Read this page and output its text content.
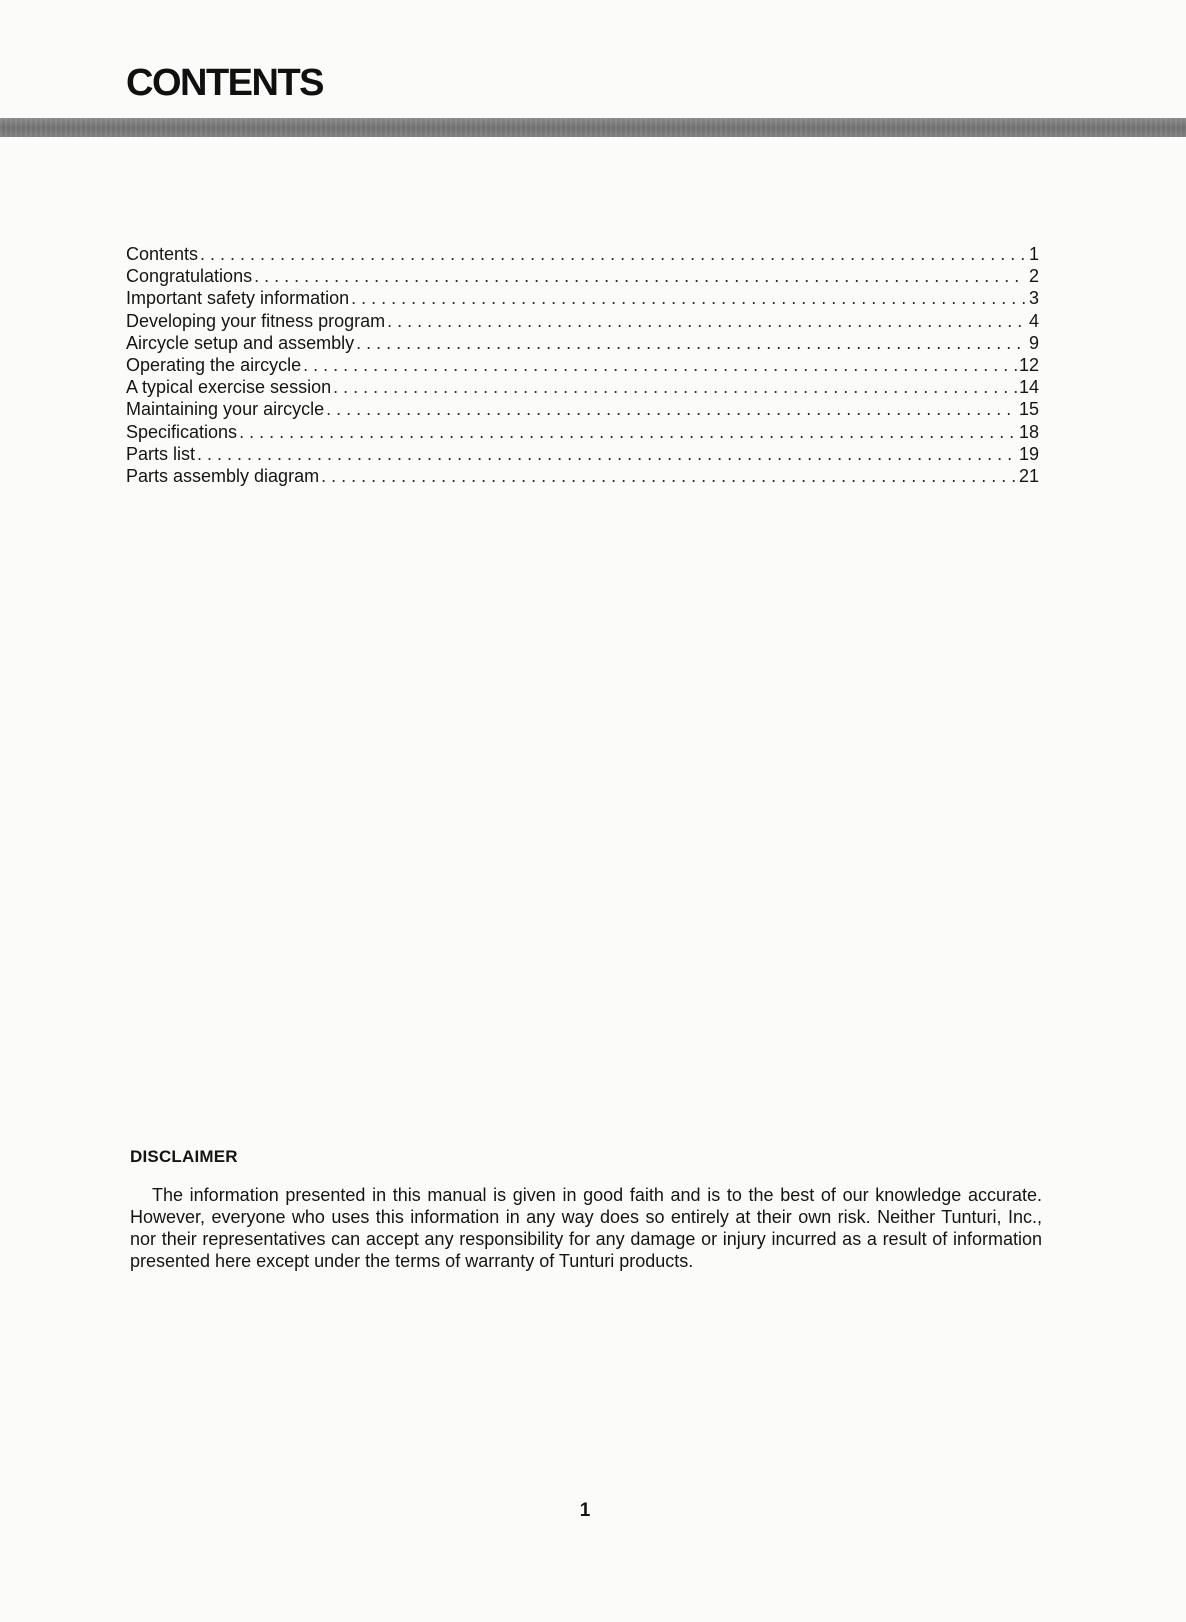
CONTENTS
Contents . . .	1
Congratulations . . .	2
Important safety information . . .	3
Developing your fitness program . . .	4
Aircycle setup and assembly . . .	9
Operating the aircycle . . .	12
A typical exercise session . . .	14
Maintaining your aircycle . . .	15
Specifications . . .	18
Parts list . . .	19
Parts assembly diagram . . .	21
DISCLAIMER

The information presented in this manual is given in good faith and is to the best of our knowledge accurate. However, everyone who uses this information in any way does so entirely at their own risk. Neither Tunturi, Inc., nor their representatives can accept any responsibility for any damage or injury incurred as a result of information presented here except under the terms of warranty of Tunturi products.

1
